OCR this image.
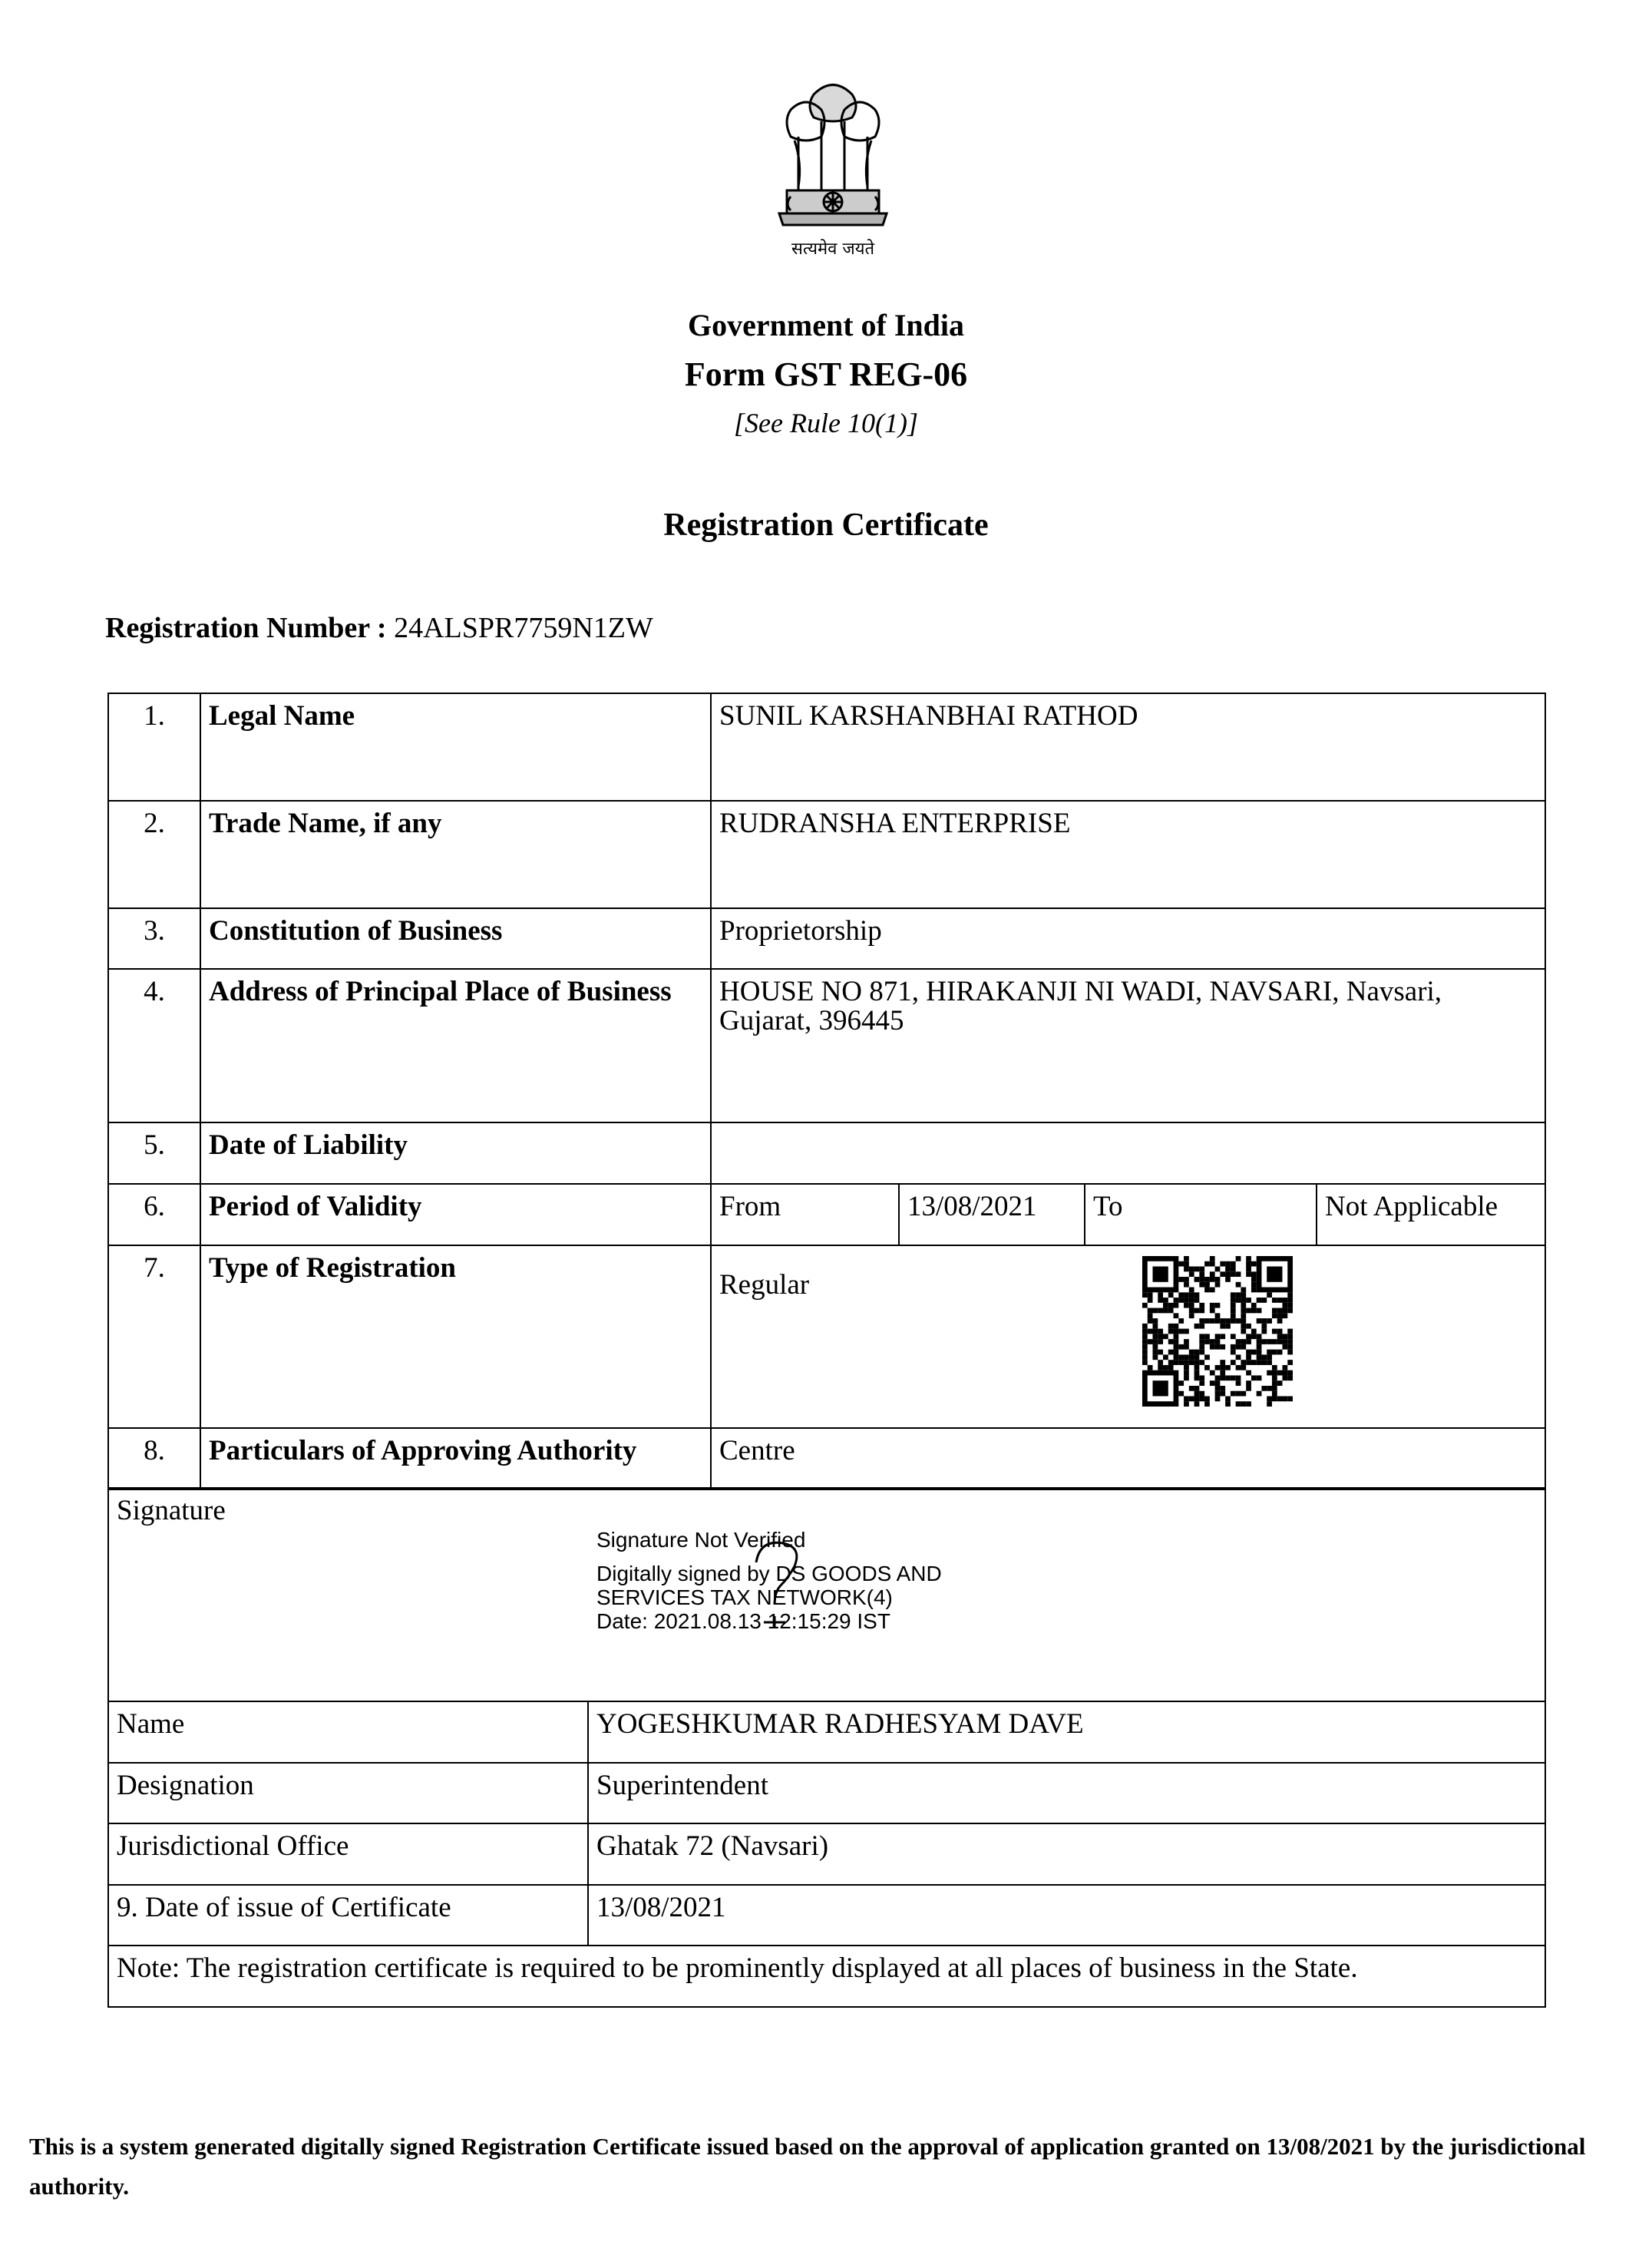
सत्यमेव जयते
Government of India
Form GST REG-06
[See Rule 10(1)]
Registration Certificate
Registration Number : 24ALSPR7759N1ZW
1.	Legal Name	SUNIL KARSHANBHAI RATHOD			
2.	Trade Name, if any	RUDRANSHA ENTERPRISE			
3.	Constitution of Business	Proprietorship			
4.	Address of Principal Place of Business	HOUSE NO 871, HIRAKANJI NI WADI, NAVSARI, Navsari, Gujarat, 396445			
5.	Date of Liability				
6.	Period of Validity	From	13/08/2021	To	Not Applicable
7.	Type of Registration	Regular			
8.	Particulars of Approving Authority	Centre			
Signature	
Name	YOGESHKUMAR RADHESYAM DAVE
Designation	Superintendent
Jurisdictional Office	Ghatak 72 (Navsari)
9. Date of issue of Certificate	13/08/2021
Note: The registration certificate is required to be prominently displayed at all places of business in the State.	
Signature Not Verified
Digitally signed by DS GOODS AND
SERVICES TAX NETWORK(4)
Date: 2021.08.13 12:15:29 IST
This is a system generated digitally signed Registration Certificate issued based on the approval of application granted on 13/08/2021 by the jurisdictional authority.
